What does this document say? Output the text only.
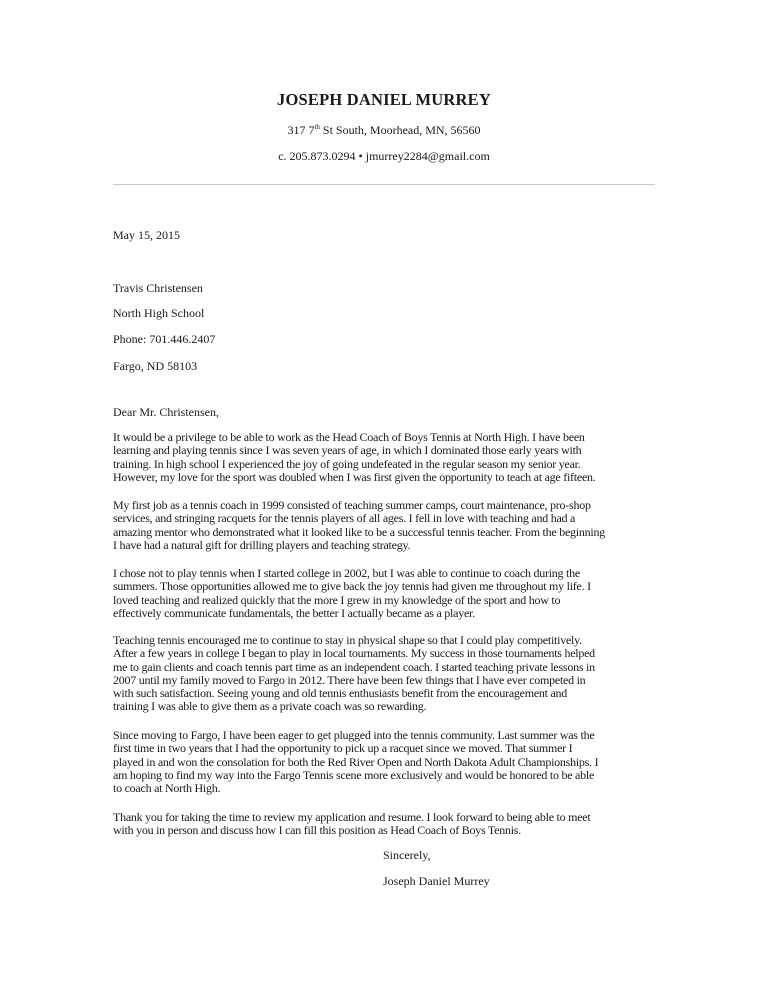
JOSEPH DANIEL MURREY
317 7th St South, Moorhead, MN, 56560
c. 205.873.0294 • jmurrey2284@gmail.com
May 15, 2015
Travis Christensen
North High School
Phone: 701.446.2407
Fargo, ND 58103
Dear Mr. Christensen,
It would be a privilege to be able to work as the Head Coach of Boys Tennis at North High. I have been
learning and playing tennis since I was seven years of age, in which I dominated those early years with
training. In high school I experienced the joy of going undefeated in the regular season my senior year.
However, my love for the sport was doubled when I was first given the opportunity to teach at age fifteen.
My first job as a tennis coach in 1999 consisted of teaching summer camps, court maintenance, pro-shop
services, and stringing racquets for the tennis players of all ages. I fell in love with teaching and had a
amazing mentor who demonstrated what it looked like to be a successful tennis teacher. From the beginning
I have had a natural gift for drilling players and teaching strategy.
I chose not to play tennis when I started college in 2002, but I was able to continue to coach during the
summers. Those opportunities allowed me to give back the joy tennis had given me throughout my life. I
loved teaching and realized quickly that the more I grew in my knowledge of the sport and how to
effectively communicate fundamentals, the better I actually became as a player.
Teaching tennis encouraged me to continue to stay in physical shape so that I could play competitively.
After a few years in college I began to play in local tournaments. My success in those tournaments helped
me to gain clients and coach tennis part time as an independent coach. I started teaching private lessons in
2007 until my family moved to Fargo in 2012. There have been few things that I have ever competed in
with such satisfaction. Seeing young and old tennis enthusiasts benefit from the encouragement and
training I was able to give them as a private coach was so rewarding.
Since moving to Fargo, I have been eager to get plugged into the tennis community. Last summer was the
first time in two years that I had the opportunity to pick up a racquet since we moved. That summer I
played in and won the consolation for both the Red River Open and North Dakota Adult Championships. I
am hoping to find my way into the Fargo Tennis scene more exclusively and would be honored to be able
to coach at North High.
Thank you for taking the time to review my application and resume. I look forward to being able to meet
with you in person and discuss how I can fill this position as Head Coach of Boys Tennis.
Sincerely,
Joseph Daniel Murrey
